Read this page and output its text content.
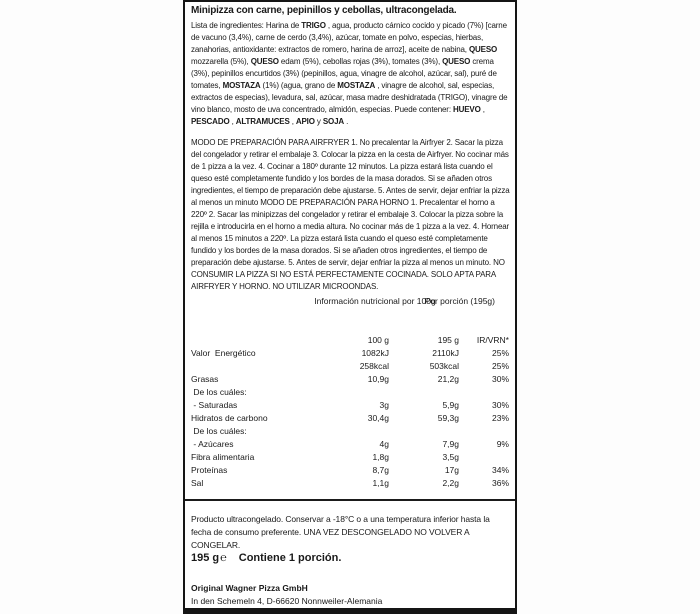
Minipizza con carne, pepinillos y cebollas, ultracongelada.

Lista de ingredientes: Harina de TRIGO , agua, producto cárnico cocido y picado (7%) [carne de vacuno (3,4%), carne de cerdo (3,4%), azúcar, tomate en polvo, especias, hierbas, zanahorias, antioxidante: extractos de romero, harina de arroz], aceite de nabina, QUESO mozzarella (5%), QUESO edam (5%), cebollas rojas (3%), tomates (3%), QUESO crema (3%), pepinillos encurtidos (3%) (pepinillos, agua, vinagre de alcohol, azúcar, sal), puré de tomates, MOSTAZA (1%) (agua, grano de MOSTAZA , vinagre de alcohol, sal, especias, extractos de especias), levadura, sal, azúcar, masa madre deshidratada (TRIGO), vinagre de vino blanco, mosto de uva concentrado, almidón, especias. Puede contener: HUEVO , PESCADO , ALTRAMUCES , APIO y SOJA .

MODO DE PREPARACIÓN PARA AIRFRYER 1. No precalentar la Airfryer 2. Sacar la pizza del congelador y retirar el embalaje 3. Colocar la pizza en la cesta de Airfryer. No cocinar más de 1 pizza a la vez. 4. Cocinar a 180º durante 12 minutos. La pizza estará lista cuando el queso esté completamente fundido y los bordes de la masa dorados. Si se añaden otros ingredientes, el tiempo de preparación debe ajustarse. 5. Antes de servir, dejar enfriar la pizza al menos un minuto MODO DE PREPARACIÓN PARA HORNO 1. Precalentar el horno a 220º 2. Sacar las minipizzas del congelador y retirar el embalaje 3. Colocar la pizza sobre la rejilla e introducirla en el horno a media altura. No cocinar más de 1 pizza a la vez. 4. Hornear al menos 15 minutos a 220º. La pizza estará lista cuando el queso esté completamente fundido y los bordes de la masa dorados. Si se añaden otros ingredientes, el tiempo de preparación debe ajustarse. 5. Antes de servir, dejar enfriar la pizza al menos un minuto. NO CONSUMIR LA PIZZA SI NO ESTÁ PERFECTAMENTE COCINADA. SOLO APTA PARA AIRFRYER Y HORNO. NO UTILIZAR MICROONDAS.

Información nutricional por 100g
Por porción (195g)
	100 g	195 g	IR/VRN*
Valor  Energético	1082kJ	2110kJ	25%
	258kcal	503kcal	25%
Grasas	10,9g	21,2g	30%
De los cuáles:			
- Saturadas	3g	5,9g	30%
Hidratos de carbono	30,4g	59,3g	23%
De los cuáles:			
- Azúcares	4g	7,9g	9%
Fibra alimentaria	1,8g	3,5g	
Proteínas	8,7g	17g	34%
Sal	1,1g	2,2g	36%

Producto ultracongelado. Conservar a -18°C o a una temperatura inferior hasta la fecha de consumo preferente. UNA VEZ DESCONGELADO NO VOLVER A CONGELAR.

195 g℮ Contiene 1 porción.

Original Wagner Pizza GmbH
In den Schemeln 4, D-66620 Nonnweiler-Alemania
